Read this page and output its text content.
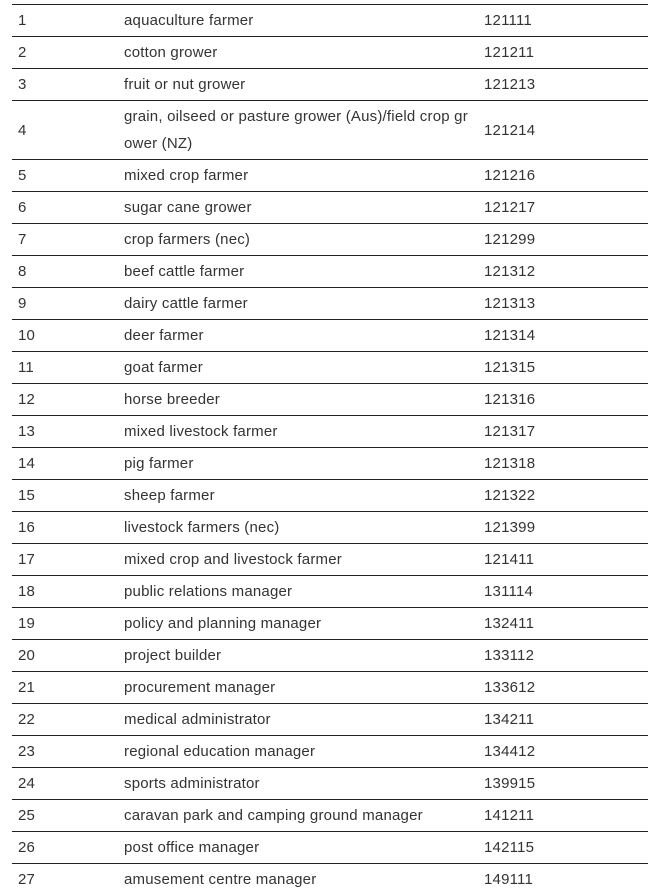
1	aquaculture farmer	121111
2	cotton grower	121211
3	fruit or nut grower	121213
4	grain, oilseed or pasture grower (Aus)/field crop grower (NZ)	121214
5	mixed crop farmer	121216
6	sugar cane grower	121217
7	crop farmers (nec)	121299
8	beef cattle farmer	121312
9	dairy cattle farmer	121313
10	deer farmer	121314
11	goat farmer	121315
12	horse breeder	121316
13	mixed livestock farmer	121317
14	pig farmer	121318
15	sheep farmer	121322
16	livestock farmers (nec)	121399
17	mixed crop and livestock farmer	121411
18	public relations manager	131114
19	policy and planning manager	132411
20	project builder	133112
21	procurement manager	133612
22	medical administrator	134211
23	regional education manager	134412
24	sports administrator	139915
25	caravan park and camping ground manager	141211
26	post office manager	142115
27	amusement centre manager	149111
